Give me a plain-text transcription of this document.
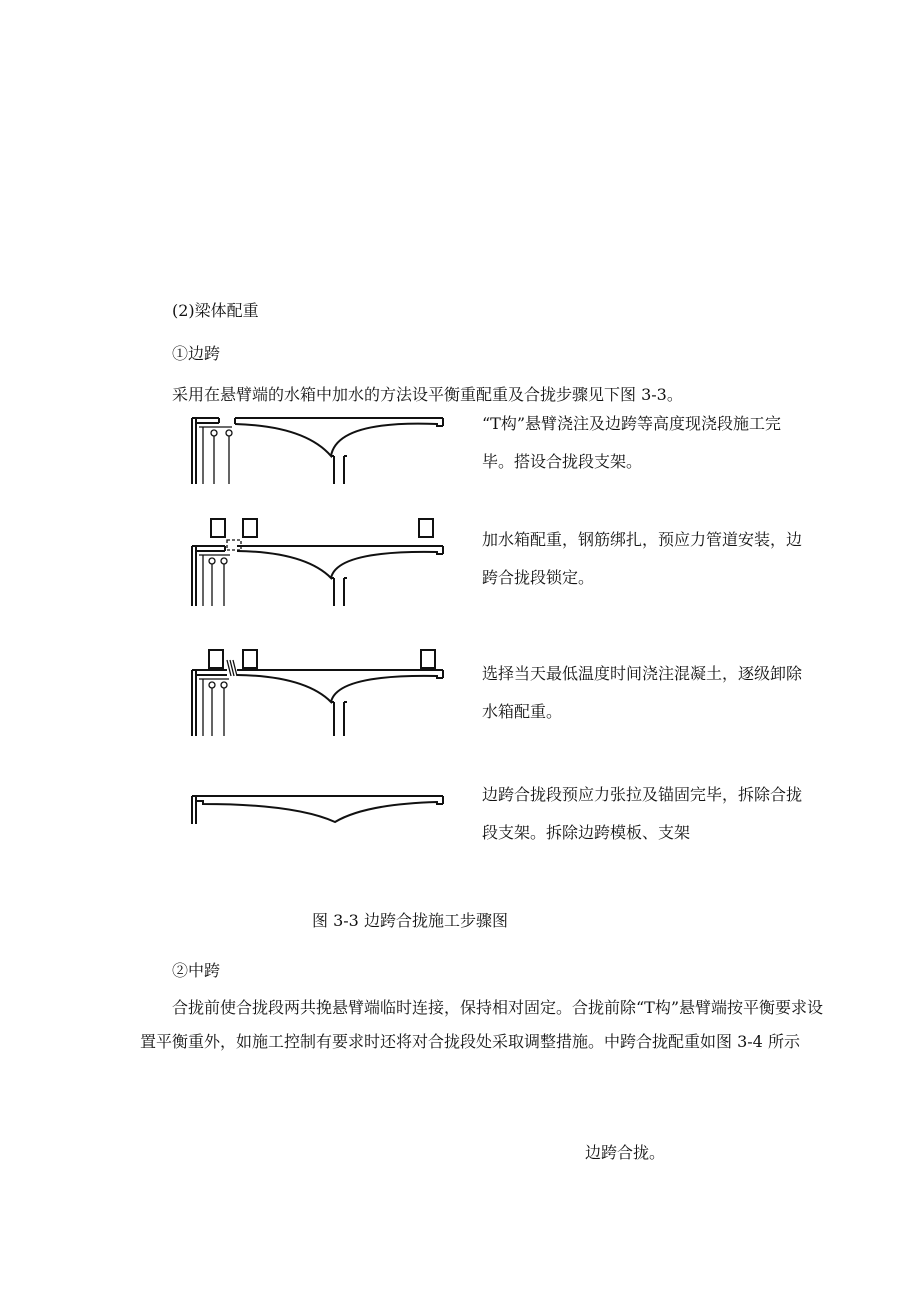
(2)梁体配重
①边跨
采用在悬臂端的水箱中加水的方法设平衡重配重及合拢步骤见下图 3-3。
“T构”悬臂浇注及边跨等高度现浇段施工完毕。搭设合拢段支架。
加水箱配重，钢筋绑扎，预应力管道安装，边跨合拢段锁定。
选择当天最低温度时间浇注混凝土，逐级卸除水箱配重。
边跨合拢段预应力张拉及锚固完毕，拆除合拢段支架。拆除边跨模板、支架
图 3-3 边跨合拢施工步骤图
②中跨
合拢前使合拢段两共挽悬臂端临时连接，保持相对固定。合拢前除“T构”悬臂端按平衡要求设置平衡重外，如施工控制有要求时还将对合拢段处采取调整措施。中跨合拢配重如图 3-4 所示
边跨合拢。
